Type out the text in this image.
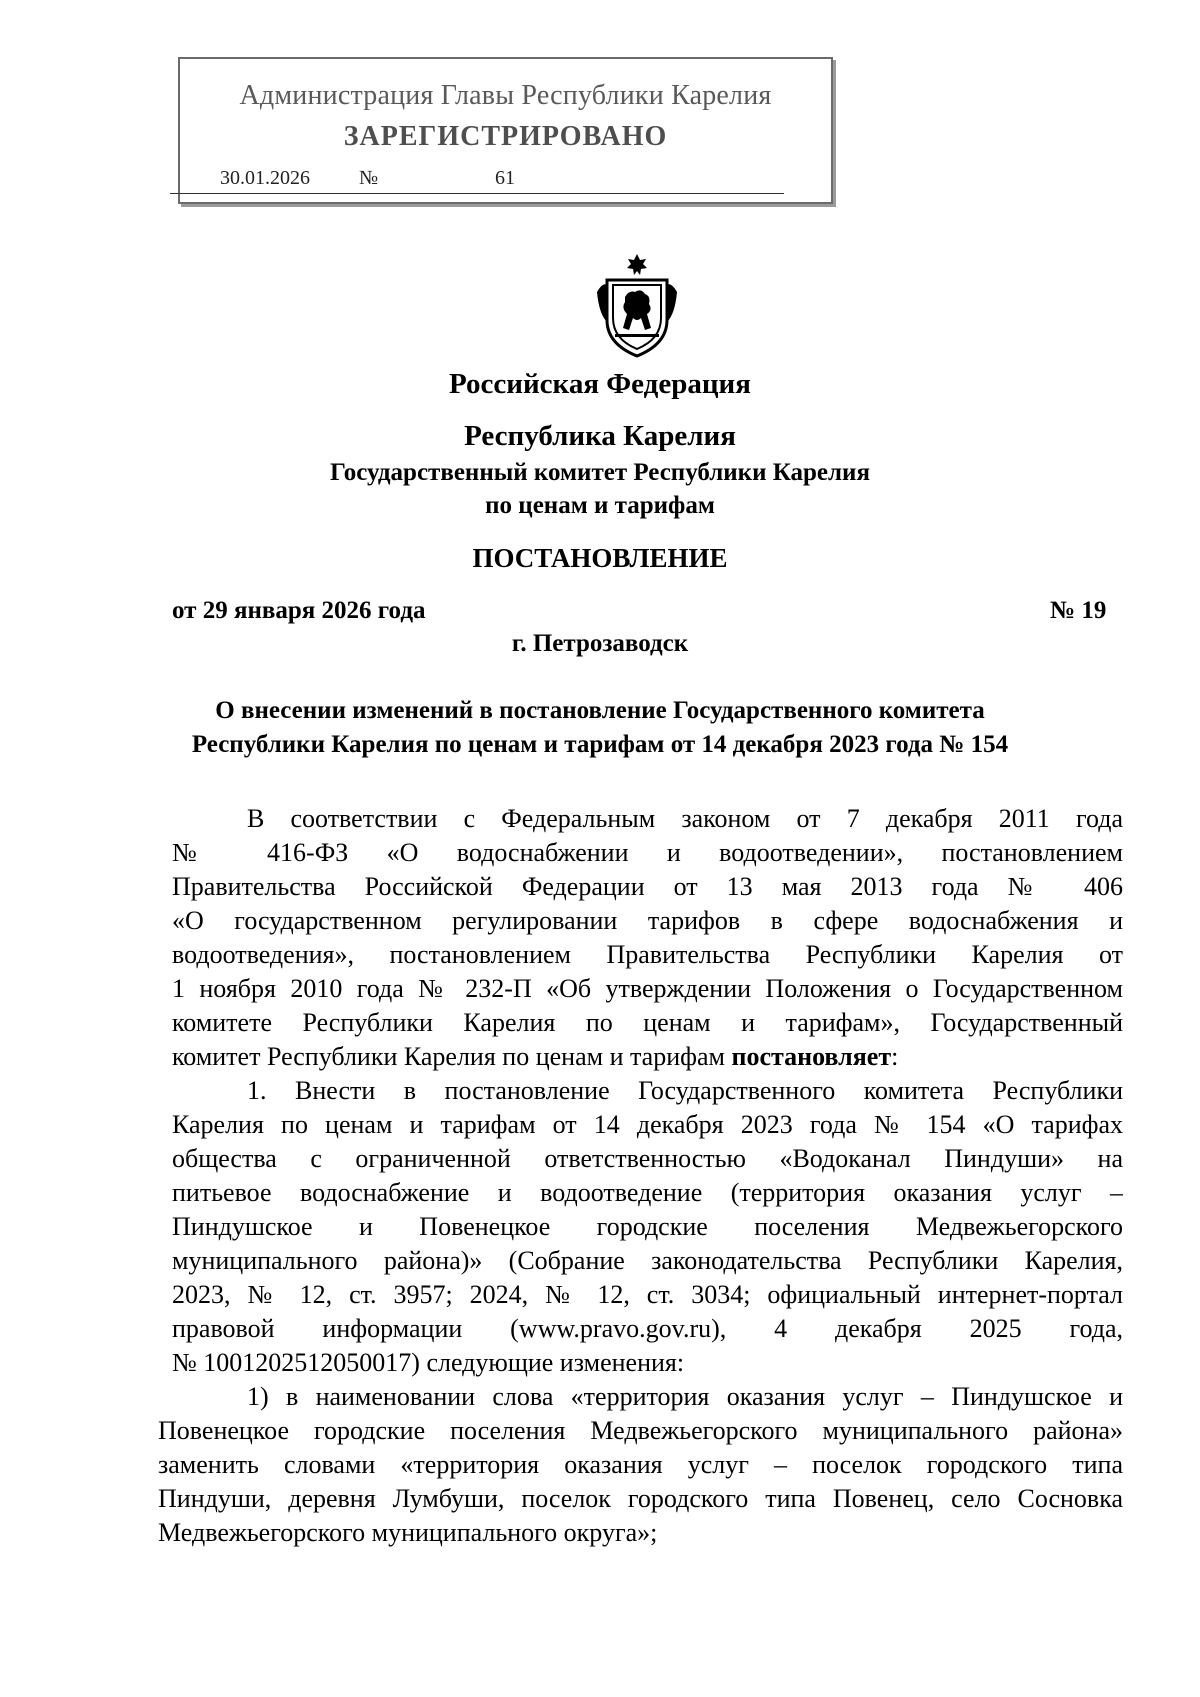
Администрация Главы Республики Карелия
ЗАРЕГИСТРИРОВАНО
30.01.2026 №	61
Российская Федерация
Республика Карелия
Государственный комитет Республики Карелия
по ценам и тарифам
ПОСТАНОВЛЕНИЕ
от 29 января 2026 года	№ 19
г. Петрозаводск
О внесении изменений в постановление Государственного комитета
Республики Карелия по ценам и тарифам от 14 декабря 2023 года № 154
В соответствии с Федеральным законом от 7 декабря 2011 года
№ 416-ФЗ «О водоснабжении и водоотведении», постановлением
Правительства Российской Федерации от 13 мая 2013 года № 406
«О государственном регулировании тарифов в сфере водоснабжения и
водоотведения», постановлением Правительства Республики Карелия от
1 ноября 2010 года № 232-П «Об утверждении Положения о Государственном
комитете Республики Карелия по ценам и тарифам», Государственный
комитет Республики Карелия по ценам и тарифам постановляет:
1. Внести в постановление Государственного комитета Республики
Карелия по ценам и тарифам от 14 декабря 2023 года № 154 «О тарифах
общества с ограниченной ответственностью «Водоканал Пиндуши» на
питьевое водоснабжение и водоотведение (территория оказания услуг –
Пиндушское и Повенецкое городские поселения Медвежьегорского
муниципального района)» (Собрание законодательства Республики Карелия,
2023, № 12, ст. 3957; 2024, № 12, ст. 3034; официальный интернет-портал
правовой информации (www.pravo.gov.ru), 4 декабря 2025 года,
№ 1001202512050017) следующие изменения:
1) в наименовании слова «территория оказания услуг – Пиндушское и
Повенецкое городские поселения Медвежьегорского муниципального района»
заменить словами «территория оказания услуг – поселок городского типа
Пиндуши, деревня Лумбуши, поселок городского типа Повенец, село Сосновка
Медвежьегорского муниципального округа»;
